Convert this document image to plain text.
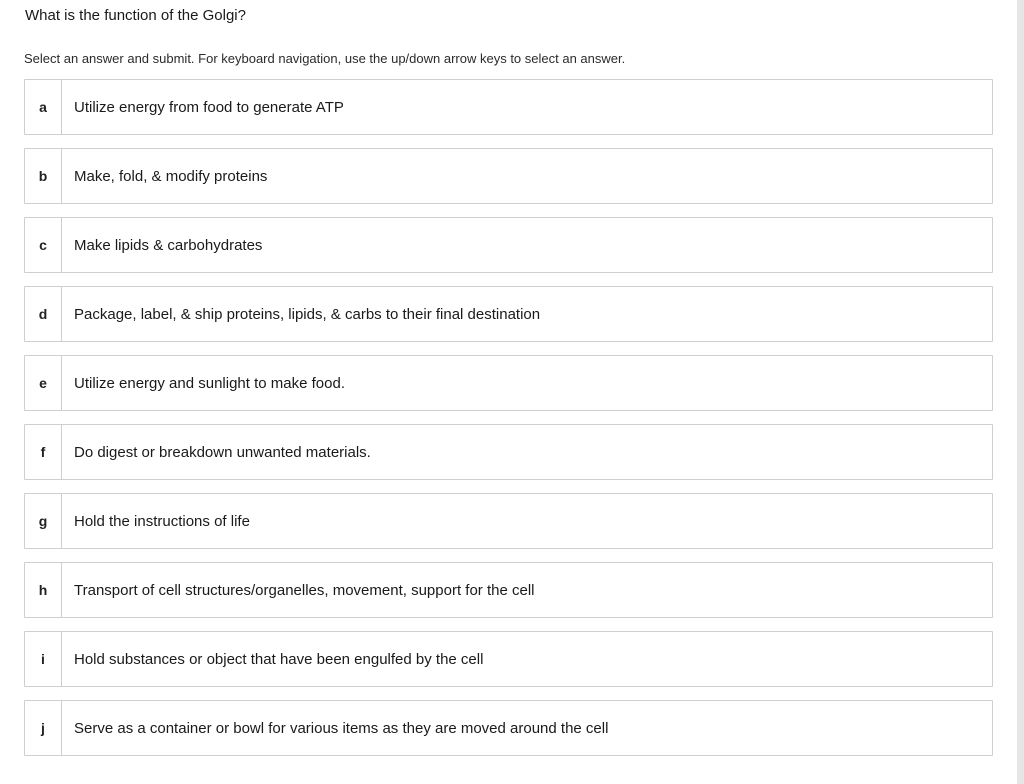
What is the function of the Golgi?

Select an answer and submit. For keyboard navigation, use the up/down arrow keys to select an answer.

a	Utilize energy from food to generate ATP
b	Make, fold, & modify proteins
c	Make lipids & carbohydrates
d	Package, label, & ship proteins, lipids, & carbs to their final destination
e	Utilize energy and sunlight to make food.
f	Do digest or breakdown unwanted materials.
g	Hold the instructions of life
h	Transport of cell structures/organelles, movement, support for the cell
i	Hold substances or object that have been engulfed by the cell
j	Serve as a container or bowl for various items as they are moved around the cell
